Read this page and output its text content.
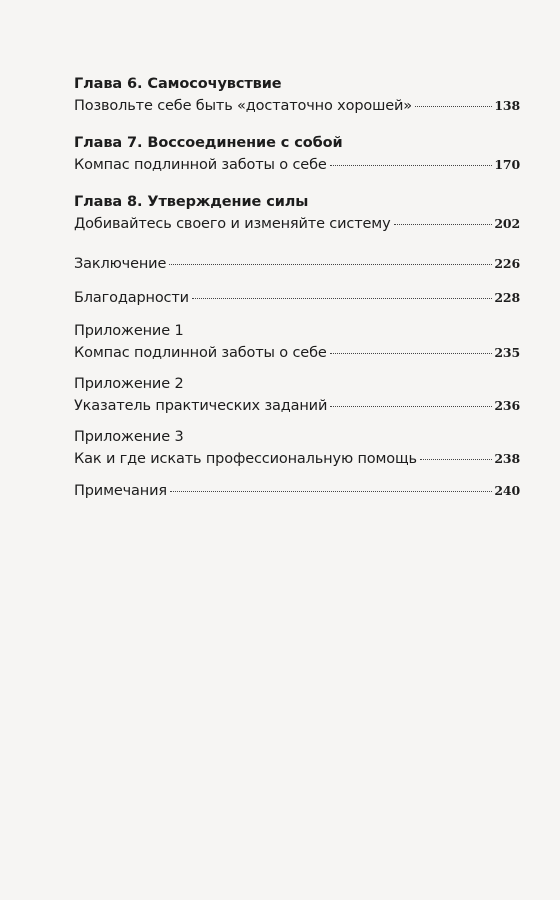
Глава 6. Самосочувствие
Позвольте себе быть «достаточно хорошей»	138
Глава 7. Воссоединение с собой
Компас подлинной заботы о себе	170
Глава 8. Утверждение силы
Добивайтесь своего и изменяйте систему	202
Заключение	226
Благодарности	228
Приложение 1
Компас подлинной заботы о себе	235
Приложение 2
Указатель практических заданий	236
Приложение 3
Как и где искать профессиональную помощь	238
Примечания	240
